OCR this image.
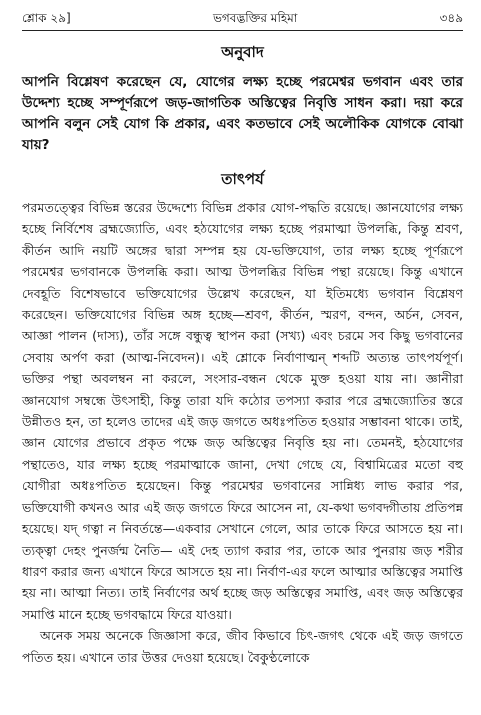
শ্লোক ২৯]	ভগবদ্ভক্তির মহিমা	৩৪৯
অনুবাদ

আপনি বিশ্লেষণ করেছেন যে, যোগের লক্ষ্য হচ্ছে পরমেশ্বর ভগবান এবং তার উদ্দেশ্য হচ্ছে সম্পূর্ণরূপে জড়-জাগতিক অস্তিত্বের নিবৃত্তি সাধন করা। দয়া করে আপনি বলুন সেই যোগ কি প্রকার, এবং কতভাবে সেই অলৌকিক যোগকে বোঝা যায়?

তাৎপর্য

পরমতত্ত্বের বিভিন্ন স্তরের উদ্দেশ্যে বিভিন্ন প্রকার যোগ-পদ্ধতি রয়েছে। জ্ঞানযোগের লক্ষ্য হচ্ছে নির্বিশেষ ব্রহ্মজ্যোতি, এবং হঠযোগের লক্ষ্য হচ্ছে পরমাত্মা উপলব্ধি, কিন্তু শ্রবণ, কীর্তন আদি নয়টি অঙ্গের দ্বারা সম্পন্ন হয় যে-ভক্তিযোগ, তার লক্ষ্য হচ্ছে পূর্ণরূপে পরমেশ্বর ভগবানকে উপলব্ধি করা। আত্ম উপলব্ধির বিভিন্ন পন্থা রয়েছে। কিন্তু এখানে দেবহূতি বিশেষভাবে ভক্তিযোগের উল্লেখ করেছেন, যা ইতিমধ্যে ভগবান বিশ্লেষণ করেছেন। ভক্তিযোগের বিভিন্ন অঙ্গ হচ্ছে—শ্রবণ, কীর্তন, স্মরণ, বন্দন, অর্চন, সেবন, আজ্ঞা পালন (দাস্য), তাঁর সঙ্গে বন্ধুত্ব স্থাপন করা (সখ্য) এবং চরমে সব কিছু ভগবানের সেবায় অর্পণ করা (আত্ম-নিবেদন)। এই শ্লোকে নির্বাণাত্মন্ শব্দটি অত্যন্ত তাৎপর্যপূর্ণ। ভক্তির পন্থা অবলম্বন না করলে, সংসার-বন্ধন থেকে মুক্ত হওয়া যায় না। জ্ঞানীরা জ্ঞানযোগ সম্বন্ধে উৎসাহী, কিন্তু তারা যদি কঠোর তপস্যা করার পরে ব্রহ্মজ্যোতির স্তরে উন্নীতও হন, তা হলেও তাদের এই জড় জগতে অধঃপতিত হওয়ার সম্ভাবনা থাকে। তাই, জ্ঞান যোগের প্রভাবে প্রকৃত পক্ষে জড় অস্তিত্বের নিবৃত্তি হয় না। তেমনই, হঠযোগের পন্থাতেও, যার লক্ষ্য হচ্ছে পরমাত্মাকে জানা, দেখা গেছে যে, বিশ্বামিত্রের মতো বহু যোগীরা অধঃপতিত হয়েছেন। কিন্তু পরমেশ্বর ভগবানের সান্নিধ্য লাভ করার পর, ভক্তিযোগী কখনও আর এই জড় জগতে ফিরে আসেন না, যে-কথা ভগবদ্গীতায় প্রতিপন্ন হয়েছে। যদ্ গত্বা ন নিবর্তন্তে—একবার সেখানে গেলে, আর তাকে ফিরে আসতে হয় না। ত্যক্ত্বা দেহং পুনর্জন্ম নৈতি— এই দেহ ত্যাগ করার পর, তাকে আর পুনরায় জড় শরীর ধারণ করার জন্য এখানে ফিরে আসতে হয় না। নির্বাণ-এর ফলে আত্মার অস্তিত্বের সমাপ্তি হয় না। আত্মা নিত্য। তাই নির্বাণের অর্থ হচ্ছে জড় অস্তিত্বের সমাপ্তি, এবং জড় অস্তিত্বের সমাপ্তি মানে হচ্ছে ভগবদ্ধামে ফিরে যাওয়া।

অনেক সময় অনেকে জিজ্ঞাসা করে, জীব কিভাবে চিৎ-জগৎ থেকে এই জড় জগতে পতিত হয়। এখানে তার উত্তর দেওয়া হয়েছে। বৈকুণ্ঠলোকে
